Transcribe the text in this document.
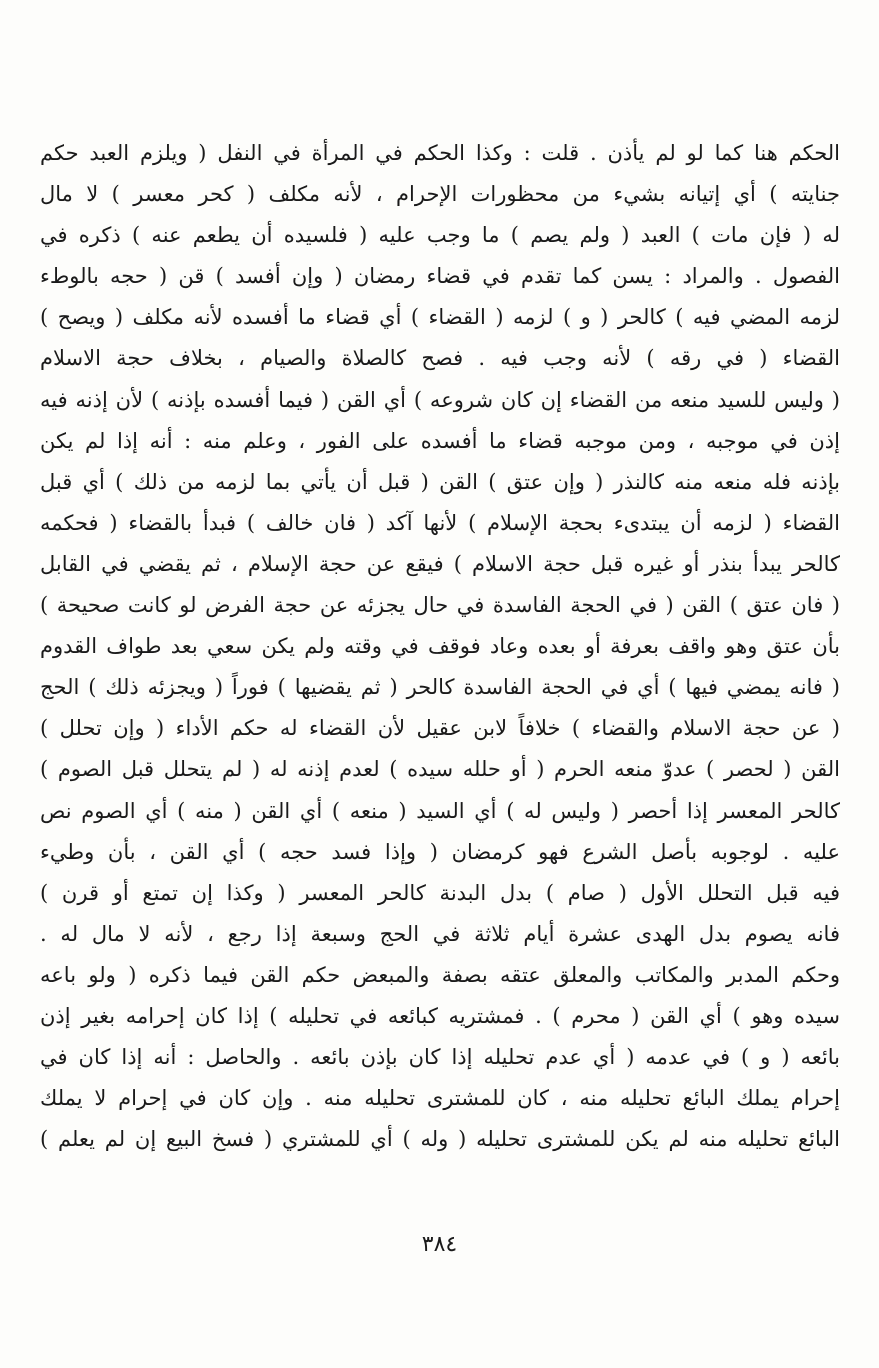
الحكم هنا كما لو لم يأذن . قلت : وكذا الحكم في المرأة في النفل ( ويلزم العبد حكم
جنايته ) أي إتيانه بشيء من محظورات الإحرام ، لأنه مكلف ( كحر معسر ) لا مال
له ( فإن مات ) العبد ( ولم يصم ) ما وجب عليه ( فلسيده أن يطعم عنه ) ذكره في
الفصول . والمراد : يسن كما تقدم في قضاء رمضان ( وإن أفسد ) قن ( حجه بالوطء
لزمه المضي فيه ) كالحر ( و ) لزمه ( القضاء ) أي قضاء ما أفسده لأنه مكلف ( ويصح )
القضاء ( في رقه ) لأنه وجب فيه . فصح كالصلاة والصيام ، بخلاف حجة الاسلام
( وليس للسيد منعه من القضاء إن كان شروعه ) أي القن ( فيما أفسده بإذنه ) لأن إذنه فيه
إذن في موجبه ، ومن موجبه قضاء ما أفسده على الفور ، وعلم منه : أنه إذا لم يكن
بإذنه فله منعه منه كالنذر ( وإن عتق ) القن ( قبل أن يأتي بما لزمه من ذلك ) أي قبل
القضاء ( لزمه أن يبتدىء بحجة الإسلام ) لأنها آكد ( فان خالف ) فبدأ بالقضاء ( فحكمه
كالحر يبدأ بنذر أو غيره قبل حجة الاسلام ) فيقع عن حجة الإسلام ، ثم يقضي في القابل
( فان عتق ) القن ( في الحجة الفاسدة في حال يجزئه عن حجة الفرض لو كانت صحيحة )
بأن عتق وهو واقف بعرفة أو بعده وعاد فوقف في وقته ولم يكن سعي بعد طواف القدوم
( فانه يمضي فيها ) أي في الحجة الفاسدة كالحر ( ثم يقضيها ) فوراً ( ويجزئه ذلك ) الحج
( عن حجة الاسلام والقضاء ) خلافاً لابن عقيل لأن القضاء له حكم الأداء ( وإن تحلل )
القن ( لحصر ) عدوّ منعه الحرم ( أو حلله سيده ) لعدم إذنه له ( لم يتحلل قبل الصوم )
كالحر المعسر إذا أحصر ( وليس له ) أي السيد ( منعه ) أي القن ( منه ) أي الصوم نص
عليه . لوجوبه بأصل الشرع فهو كرمضان ( وإذا فسد حجه ) أي القن ، بأن وطيء
فيه قبل التحلل الأول ( صام ) بدل البدنة كالحر المعسر ( وكذا إن تمتع أو قرن )
فانه يصوم بدل الهدى عشرة أيام ثلاثة في الحج وسبعة إذا رجع ، لأنه لا مال له .
وحكم المدبر والمكاتب والمعلق عتقه بصفة والمبعض حكم القن فيما ذكره ( ولو باعه
سيده وهو ) أي القن ( محرم ) . فمشتريه كبائعه في تحليله ) إذا كان إحرامه بغير إذن
بائعه ( و ) في عدمه ( أي عدم تحليله إذا كان بإذن بائعه . والحاصل : أنه إذا كان في
إحرام يملك البائع تحليله منه ، كان للمشترى تحليله منه . وإن كان في إحرام لا يملك
البائع تحليله منه لم يكن للمشترى تحليله ( وله ) أي للمشتري ( فسخ البيع إن لم يعلم )
٣٨٤
